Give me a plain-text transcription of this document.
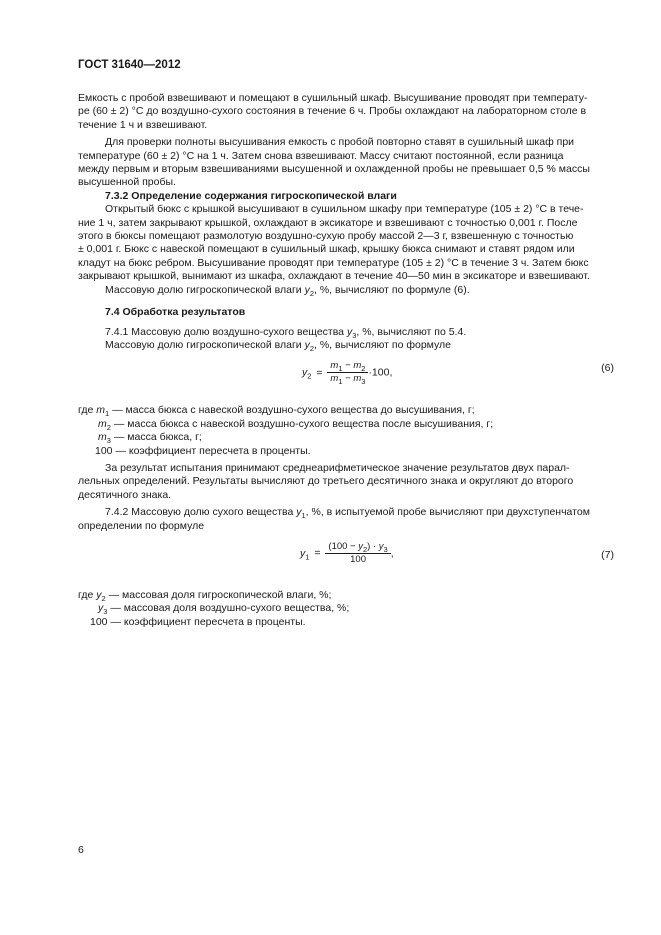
ГОСТ 31640—2012

Емкость с пробой взвешивают и помещают в сушильный шкаф. Высушивание проводят при температу-

ре (60 ± 2) °С до воздушно-сухого состояния в течение 6 ч. Пробы охлаждают на лабораторном столе в

течение 1 ч и взвешивают.

Для проверки полноты высушивания емкость с пробой повторно ставят в сушильный шкаф при

температуре (60 ± 2) °С на 1 ч. Затем снова взвешивают. Массу считают постоянной, если разница

между первым и вторым взвешиваниями высушенной и охлажденной пробы не превышает 0,5 % массы

высушенной пробы.

7.3.2 Определение содержания гигроскопической влаги

Открытый бюкс с крышкой высушивают в сушильном шкафу при температуре (105 ± 2) °С в тече-

ние 1 ч, затем закрывают крышкой, охлаждают в эксикаторе и взвешивают с точностью 0,001 г. После

этого в бюксы помещают размолотую воздушно-сухую пробу массой 2—3 г, взвешенную с точностью

± 0,001 г. Бюкс с навеской помещают в сушильный шкаф, крышку бюкса снимают и ставят рядом или

кладут на бюкс ребром. Высушивание проводят при температуре (105 ± 2) °С в течение 3 ч. Затем бюкс

закрывают крышкой, вынимают из шкафа, охлаждают в течение 40—50 мин в эксикаторе и взвешивают.

Массовую долю гигроскопической влаги $y_2$, %, вычисляют по формуле (6).

7.4 Обработка результатов

7.4.1 Массовую долю воздушно-сухого вещества $y_3$, %, вычисляют по 5.4.

Массовую долю гигроскопической влаги $y_2$, %, вычисляют по формуле

$y_2 = \frac{m_1 - m_2}{m_1 - m_3} \cdot 100$,	(6)
где $m_1$ — масса бюкса с навеской воздушно-сухого вещества до высушивания, г;
$m_2$ — масса бюкса с навеской воздушно-сухого вещества после высушивания, г;
$m_3$ — масса бюкса, г;
100 — коэффициент пересчета в проценты.

За результат испытания принимают среднеарифметическое значение результатов двух парал-

лельных определений. Результаты вычисляют до третьего десятичного знака и округляют до второго

десятичного знака.

7.4.2 Массовую долю сухого вещества $y_1$, %, в испытуемой пробе вычисляют при двухступенчатом

определении по формуле

$y_1 = \frac{(100 - y_2) \cdot y_3}{100}$ ,	(7)
где $y_2$ — массовая доля гигроскопической влаги, %;
$y_3$ — массовая доля воздушно-сухого вещества, %;
100 — коэффициент пересчета в проценты.
6
